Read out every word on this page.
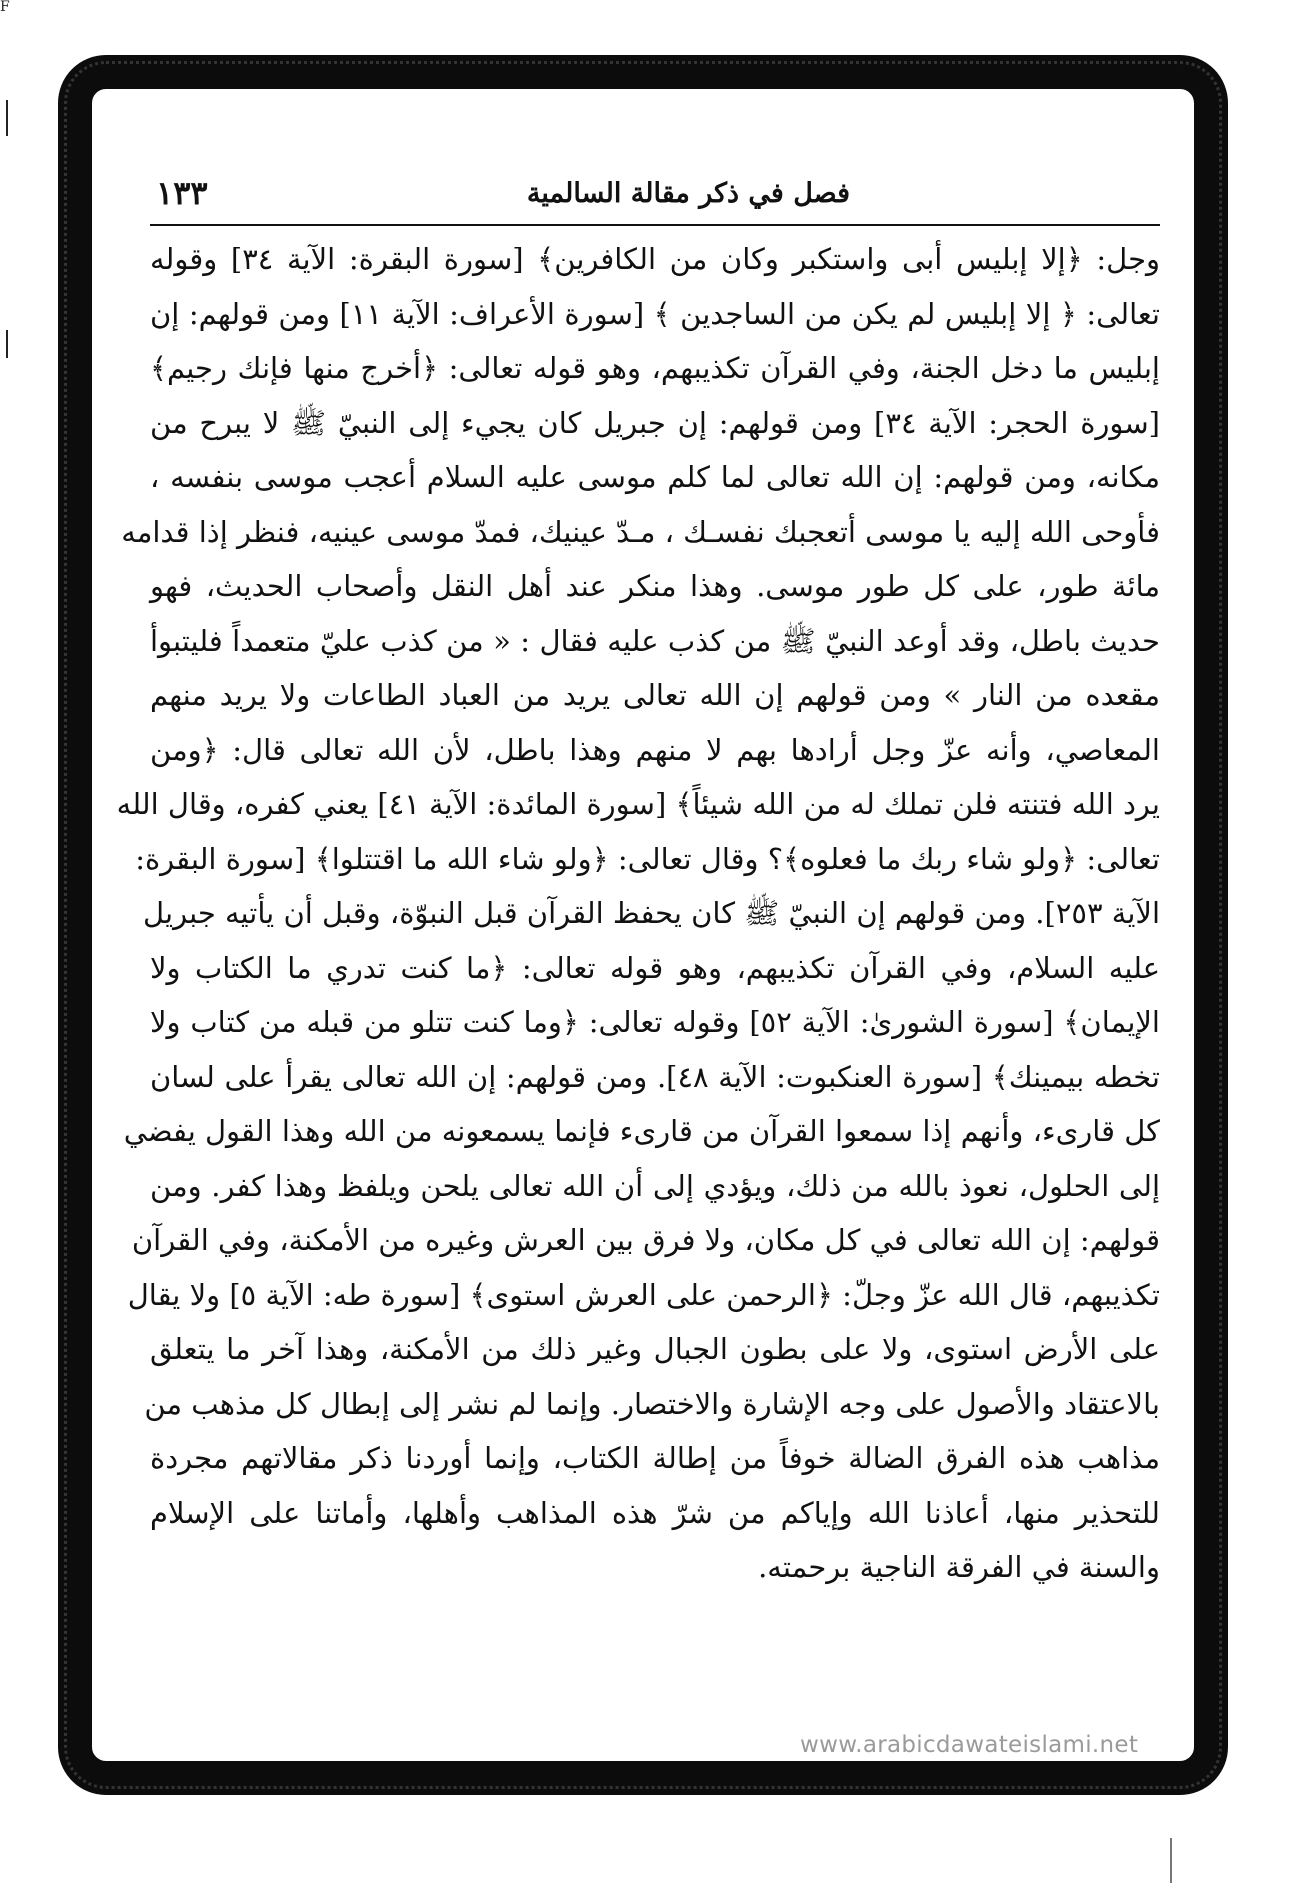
F
فصل في ذكر مقالة السالمية
١٣٣
وجل: ﴿إلا إبليس أبى واستكبر وكان من الكافرين﴾ [سورة البقرة: الآية ٣٤] وقوله
تعالى: ﴿ إلا إبليس لم يكن من الساجدين ﴾ [سورة الأعراف: الآية ١١] ومن قولهم: إن
إبليس ما دخل الجنة، وفي القرآن تكذيبهم، وهو قوله تعالى: ﴿أخرج منها فإنك رجيم﴾
[سورة الحجر: الآية ٣٤] ومن قولهم: إن جبريل كان يجيء إلى النبيّ ﷺ لا يبرح من
مكانه، ومن قولهم: إن الله تعالى لما كلم موسى عليه السلام أعجب موسى بنفسه ،
فأوحى الله إليه يا موسى أتعجبك نفسـك ، مـدّ عينيك، فمدّ موسى عينيه، فنظر إذا قدامه
مائة طور، على كل طور موسى. وهذا منكر عند أهل النقل وأصحاب الحديث، فهو
حديث باطل، وقد أوعد النبيّ ﷺ من كذب عليه فقال : « من كذب عليّ متعمداً فليتبوأ
مقعده من النار » ومن قولهم إن الله تعالى يريد من العباد الطاعات ولا يريد منهم
المعاصي، وأنه عزّ وجل أرادها بهم لا منهم وهذا باطل، لأن الله تعالى قال: ﴿ومن
يرد الله فتنته فلن تملك له من الله شيئاً﴾ [سورة المائدة: الآية ٤١] يعني كفره، وقال الله
تعالى: ﴿ولو شاء ربك ما فعلوه﴾؟ وقال تعالى: ﴿ولو شاء الله ما اقتتلوا﴾ [سورة البقرة:
الآية ٢٥٣]. ومن قولهم إن النبيّ ﷺ كان يحفظ القرآن قبل النبوّة، وقبل أن يأتيه جبريل
عليه السلام، وفي القرآن تكذيبهم، وهو قوله تعالى: ﴿ما كنت تدري ما الكتاب ولا
الإيمان﴾ [سورة الشورىٰ: الآية ٥٢] وقوله تعالى: ﴿وما كنت تتلو من قبله من كتاب ولا
تخطه بيمينك﴾ [سورة العنكبوت: الآية ٤٨]. ومن قولهم: إن الله تعالى يقرأ على لسان
كل قارىء، وأنهم إذا سمعوا القرآن من قارىء فإنما يسمعونه من الله وهذا القول يفضي
إلى الحلول، نعوذ بالله من ذلك، ويؤدي إلى أن الله تعالى يلحن ويلفظ وهذا كفر. ومن
قولهم: إن الله تعالى في كل مكان، ولا فرق بين العرش وغيره من الأمكنة، وفي القرآن
تكذيبهم، قال الله عزّ وجلّ: ﴿الرحمن على العرش استوى﴾ [سورة طه: الآية ٥] ولا يقال
على الأرض استوى، ولا على بطون الجبال وغير ذلك من الأمكنة، وهذا آخر ما يتعلق
بالاعتقاد والأصول على وجه الإشارة والاختصار. وإنما لم نشر إلى إبطال كل مذهب من
مذاهب هذه الفرق الضالة خوفاً من إطالة الكتاب، وإنما أوردنا ذكر مقالاتهم مجردة
للتحذير منها، أعاذنا الله وإياكم من شرّ هذه المذاهب وأهلها، وأماتنا على الإسلام
والسنة في الفرقة الناجية برحمته.
www.arabicdawateislami.net
